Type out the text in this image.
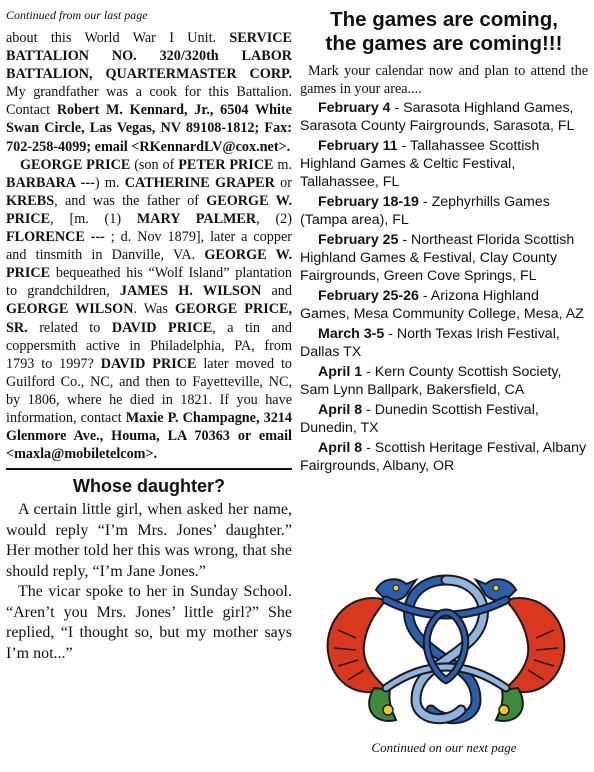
Continued from our last page

about this World War I Unit. SERVICE BATTALION NO. 320/320th LABOR BATTALION, QUARTERMASTER CORP. My grandfather was a cook for this Battalion. Contact Robert M. Kennard, Jr., 6504 White Swan Circle, Las Vegas, NV 89108-1812; Fax: 702-258-4099; email <RKennardLV@cox.net>.

GEORGE PRICE (son of PETER PRICE m. BARBARA ---) m. CATHERINE GRAPER or KREBS, and was the father of GEORGE W. PRICE, [m. (1) MARY PALMER, (2) FLORENCE --- ; d. Nov 1879], later a copper and tinsmith in Danville, VA. GEORGE W. PRICE bequeathed his “Wolf Island” plantation to grandchildren, JAMES H. WILSON and GEORGE WILSON. Was GEORGE PRICE, SR. related to DAVID PRICE, a tin and coppersmith active in Philadelphia, PA, from 1793 to 1997? DAVID PRICE later moved to Guilford Co., NC, and then to Fayetteville, NC, by 1806, where he died in 1821. If you have information, contact Maxie P. Champagne, 3214 Glenmore Ave., Houma, LA 70363 or email <maxla@mobiletelcom>.

Whose daughter?

A certain little girl, when asked her name, would reply “I’m Mrs. Jones’ daughter.” Her mother told her this was wrong, that she should reply, “I’m Jane Jones.”

The vicar spoke to her in Sunday School. “Aren’t you Mrs. Jones’ little girl?” She replied, “I thought so, but my mother says I’m not...”

The games are coming,
the games are coming!!!

Mark your calendar now and plan to attend the games in your area....

February 4 - Sarasota Highland Games, Sarasota County Fairgrounds, Sarasota, FL

February 11 - Tallahassee Scottish Highland Games & Celtic Festival, Tallahassee, FL

February 18-19 - Zephyrhills Games (Tampa area), FL

February 25 - Northeast Florida Scottish Highland Games & Festival, Clay County Fairgrounds, Green Cove Springs, FL

February 25-26 - Arizona Highland Games, Mesa Community College, Mesa, AZ

March 3-5 - North Texas Irish Festival, Dallas TX

April 1 - Kern County Scottish Society, Sam Lynn Ballpark, Bakersfield, CA

April 8 - Dunedin Scottish Festival, Dunedin, TX

April 8 - Scottish Heritage Festival, Albany Fairgrounds, Albany, OR

Continued on our next page
